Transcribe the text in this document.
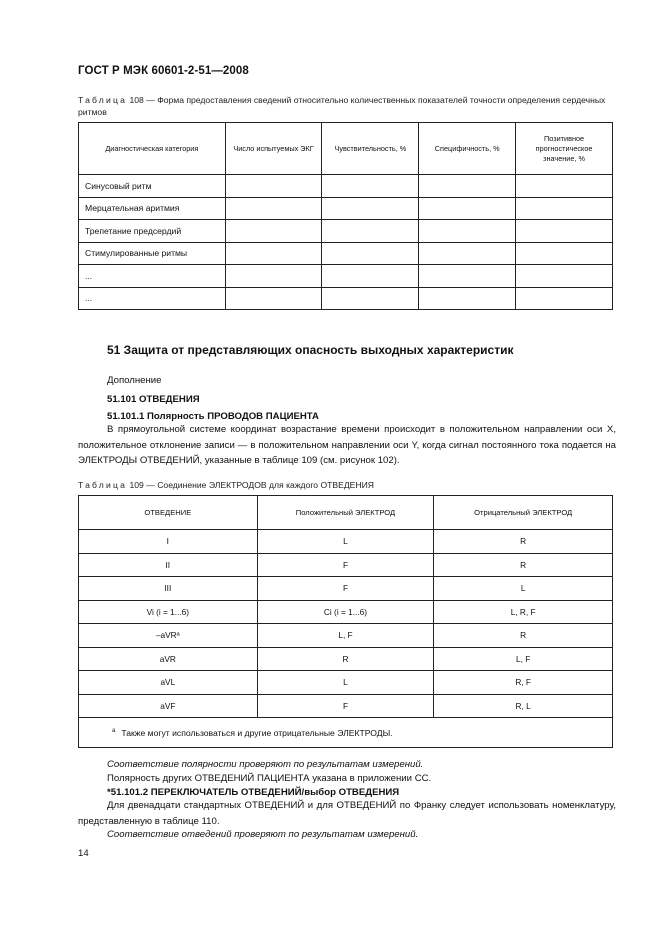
ГОСТ Р МЭК 60601-2-51—2008
Таблица 108 — Форма предоставления сведений относительно количественных показателей точности определения сердечных ритмов
Диагностическая категория	Число испытуемых ЭКГ	Чувствительность, %	Специфичность, %	Позитивное прогностическое значение, %
Синусовый ритм				
Мерцательная аритмия				
Трепетание предсердий				
Стимулированные ритмы				
...				
...				
51 Защита от представляющих опасность выходных характеристик
Дополнение
51.101 ОТВЕДЕНИЯ
51.101.1 Полярность ПРОВОДОВ ПАЦИЕНТА
В прямоугольной системе координат возрастание времени происходит в положительном направлении оси X, положительное отклонение записи — в положительном направлении оси Y, когда сигнал постоянного тока подается на ЭЛЕКТРОДЫ ОТВЕДЕНИЙ, указанные в таблице 109 (см. рисунок 102).
Таблица 109 — Соединение ЭЛЕКТРОДОВ для каждого ОТВЕДЕНИЯ
ОТВЕДЕНИЕ	Положительный ЭЛЕКТРОД	Отрицательный ЭЛЕКТРОД
I	L	R
II	F	R
III	F	L
Vi (i = 1...6)	Ci (i = 1...6)	L, R, F
–aVRª	L, F	R
aVR	R	L, F
aVL	L	R, F
aVF	F	R, L
$^a$ Также могут использоваться и другие отрицательные ЭЛЕКТРОДЫ.		
Соответствие полярности проверяют по результатам измерений.
Полярность других ОТВЕДЕНИЙ ПАЦИЕНТА указана в приложении CC.
*51.101.2 ПЕРЕКЛЮЧАТЕЛЬ ОТВЕДЕНИЙ/выбор ОТВЕДЕНИЯ
Для двенадцати стандартных ОТВЕДЕНИЙ и для ОТВЕДЕНИЙ по Франку следует использовать номенклатуру, представленную в таблице 110.
Соответствие отведений проверяют по результатам измерений.
14
